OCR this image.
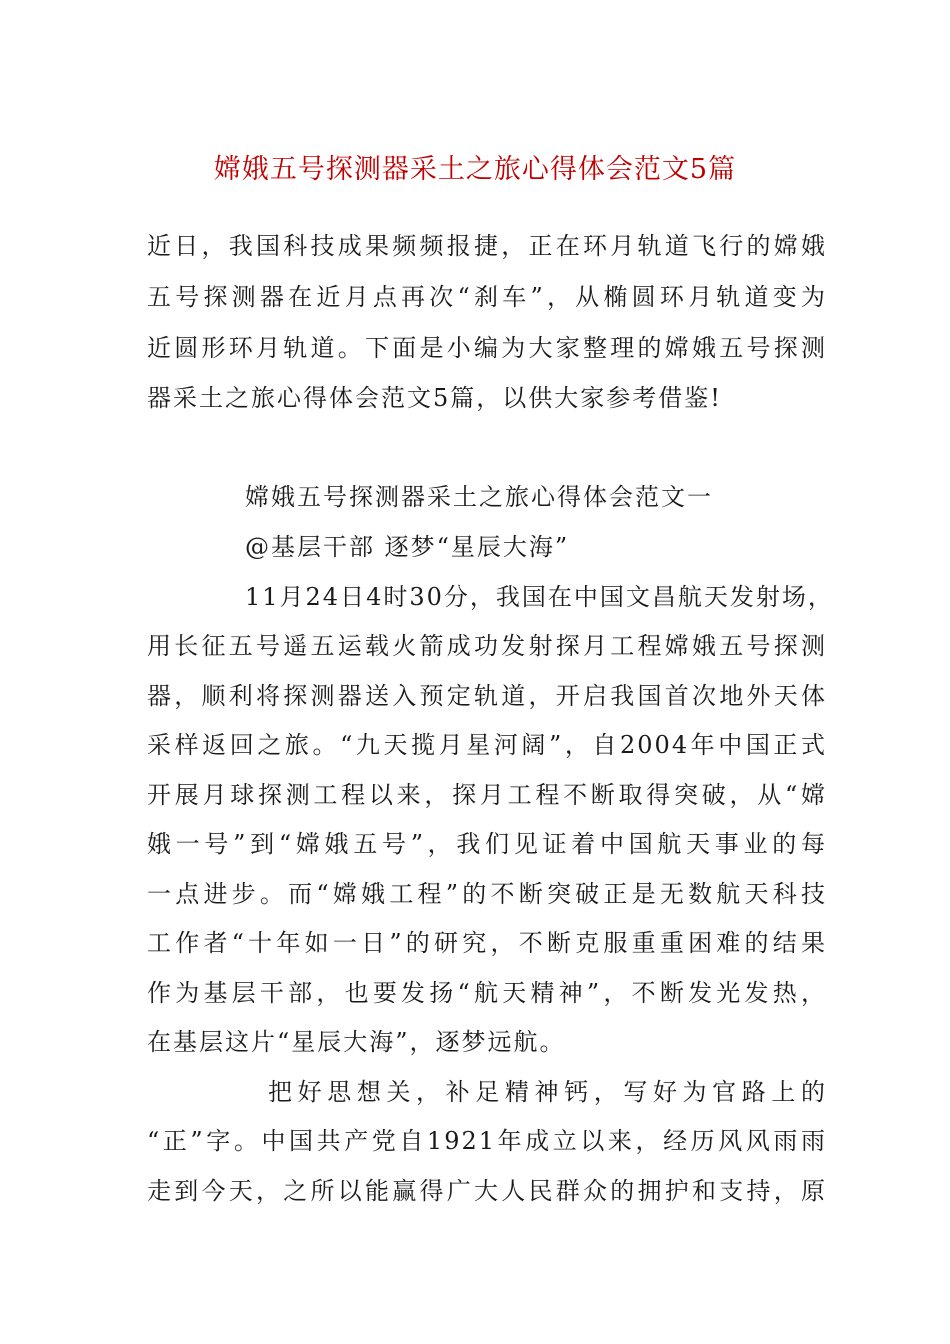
嫦娥五号探测器采土之旅心得体会范文5篇
近日，我国科技成果频频报捷，正在环月轨道飞行的嫦娥
五号探测器在近月点再次“刹车”，从椭圆环月轨道变为
近圆形环月轨道。下面是小编为大家整理的嫦娥五号探测
器采土之旅心得体会范文5篇，以供大家参考借鉴!
嫦娥五号探测器采土之旅心得体会范文一
@基层干部 逐梦“星辰大海”
11月24日4时30分，我国在中国文昌航天发射场，
用长征五号遥五运载火箭成功发射探月工程嫦娥五号探测
器，顺利将探测器送入预定轨道，开启我国首次地外天体
采样返回之旅。“九天揽月星河阔”，自2004年中国正式
开展月球探测工程以来，探月工程不断取得突破，从“嫦
娥一号”到“嫦娥五号”，我们见证着中国航天事业的每
一点进步。而“嫦娥工程”的不断突破正是无数航天科技
工作者“十年如一日”的研究，不断克服重重困难的结果
作为基层干部，也要发扬“航天精神”，不断发光发热，
在基层这片“星辰大海”，逐梦远航。
把好思想关，补足精神钙，写好为官路上的
“正”字。中国共产党自1921年成立以来，经历风风雨雨
走到今天，之所以能赢得广大人民群众的拥护和支持，原
